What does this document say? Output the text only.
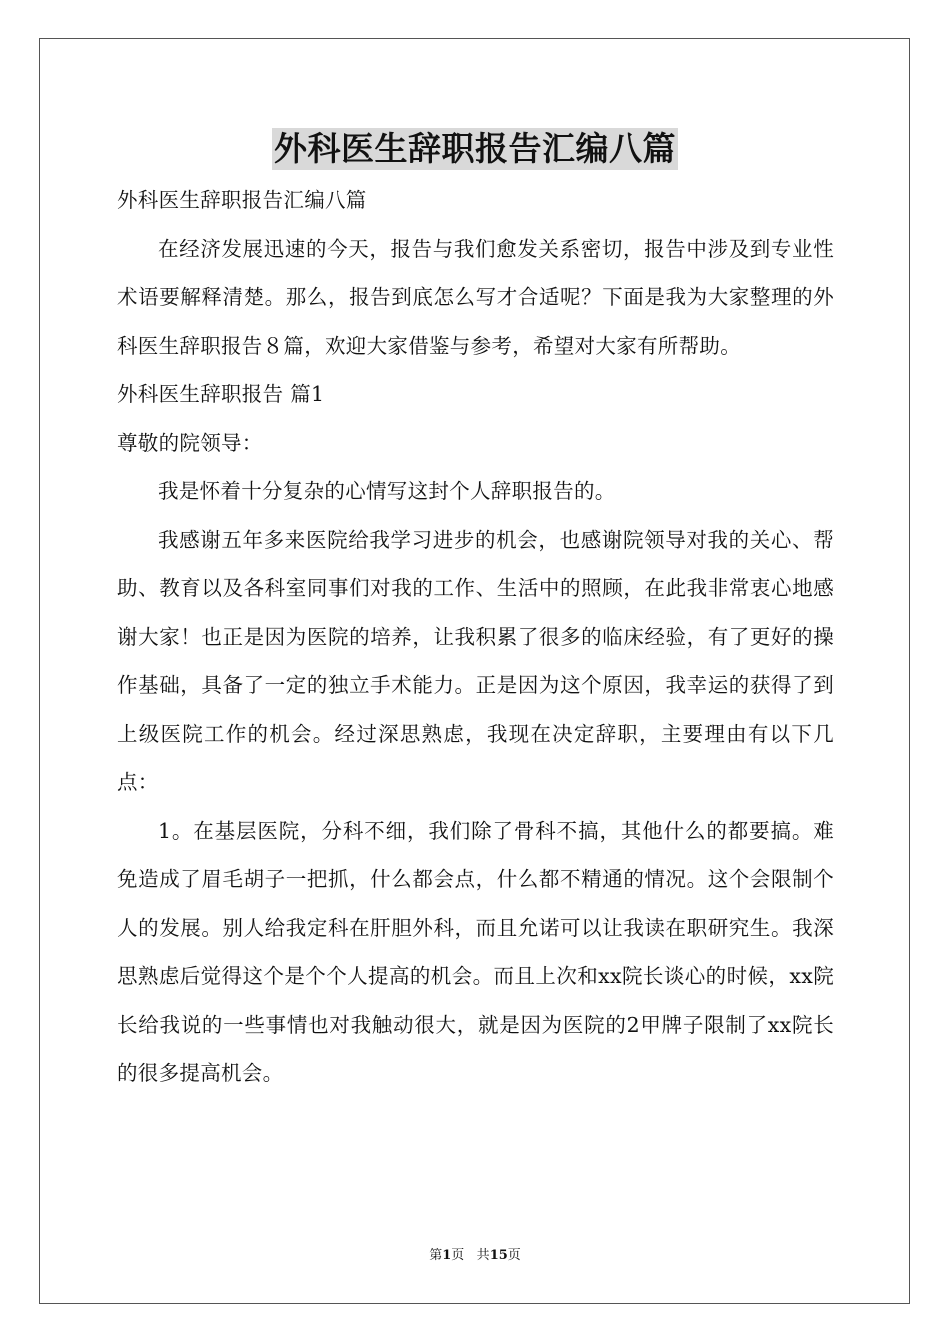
外科医生辞职报告汇编八篇

外科医生辞职报告汇编八篇

在经济发展迅速的今天，报告与我们愈发关系密切，报告中涉及到专业性术语要解释清楚。那么，报告到底怎么写才合适呢？下面是我为大家整理的外科医生辞职报告８篇，欢迎大家借鉴与参考，希望对大家有所帮助。

外科医生辞职报告 篇1

尊敬的院领导：

我是怀着十分复杂的心情写这封个人辞职报告的。

我感谢五年多来医院给我学习进步的机会，也感谢院领导对我的关心、帮助、教育以及各科室同事们对我的工作、生活中的照顾，在此我非常衷心地感谢大家！也正是因为医院的培养，让我积累了很多的临床经验，有了更好的操作基础，具备了一定的独立手术能力。正是因为这个原因，我幸运的获得了到上级医院工作的机会。经过深思熟虑，我现在决定辞职，主要理由有以下几点：

1。在基层医院，分科不细，我们除了骨科不搞，其他什么的都要搞。难免造成了眉毛胡子一把抓，什么都会点，什么都不精通的情况。这个会限制个人的发展。别人给我定科在肝胆外科，而且允诺可以让我读在职研究生。我深思熟虑后觉得这个是个个人提高的机会。而且上次和xx院长谈心的时候，xx院长给我说的一些事情也对我触动很大，就是因为医院的2甲牌子限制了xx院长的很多提高机会。

第1页 共15页
